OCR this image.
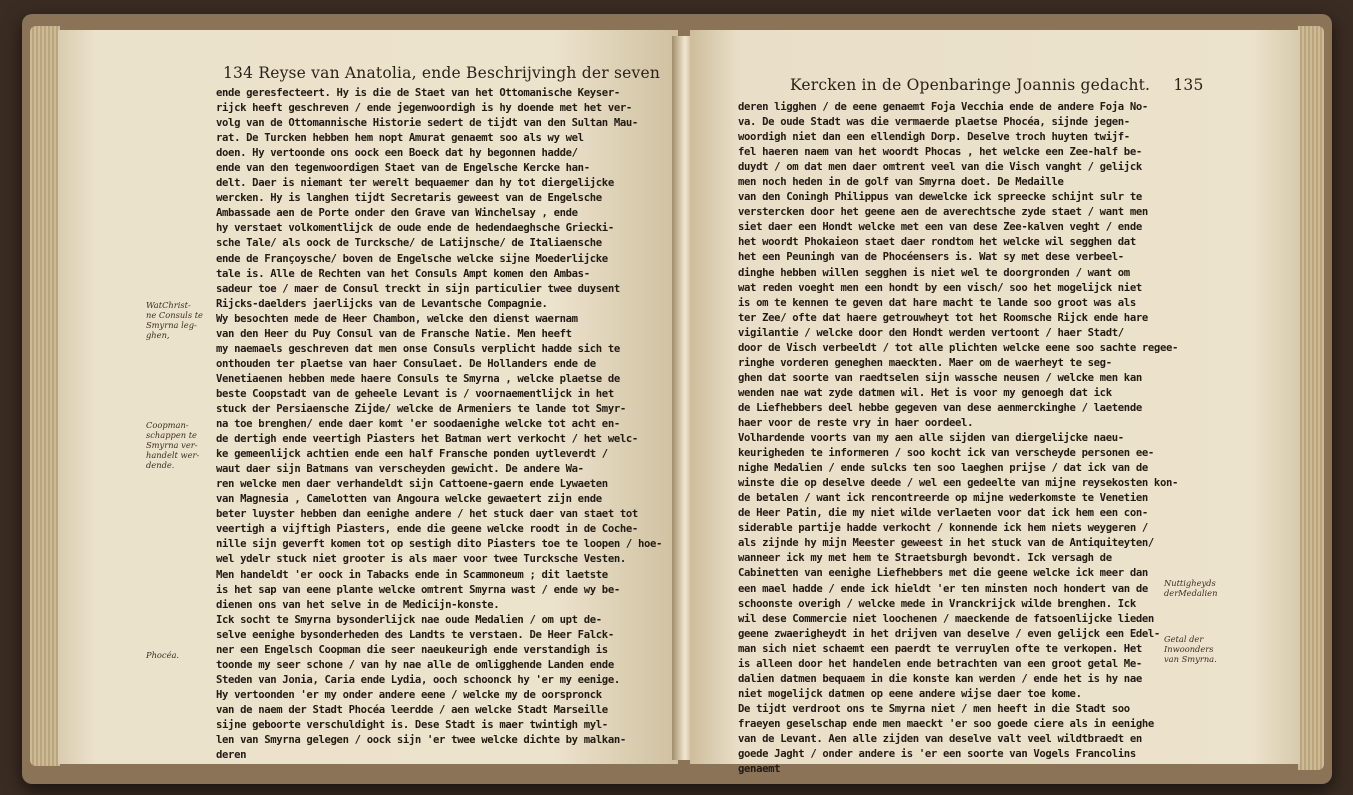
134 Reyse van Anatolia, ende Beschrijvingh der seven
ende geresfecteert. Hy is die de Staet van het Ottomanische Keyser-
rijck heeft geschreven / ende jegenwoordigh is hy doende met het ver-
volg van de Ottomannische Historie sedert de tijdt van den Sultan Mau-
rat. De Turcken hebben hem nopt Amurat genaemt soo als wy wel
doen. Hy vertoonde ons oock een Boeck dat hy begonnen hadde/
ende van den tegenwoordigen Staet van de Engelsche Kercke han-
delt. Daer is niemant ter werelt bequaemer dan hy tot diergelijcke
wercken. Hy is langhen tijdt Secretaris geweest van de Engelsche
Ambassade aen de Porte onder den Grave van Winchelsay , ende
hy verstaet volkomentlijck de oude ende de hedendaeghsche Griecki-
sche Tale/ als oock de Turcksche/ de Latijnsche/ de Italiaensche
ende de Françoysche/ boven de Engelsche welcke sijne Moederlijcke
tale is. Alle de Rechten van het Consuls Ampt komen den Ambas-
sadeur toe / maer de Consul treckt in sijn particulier twee duysent
Rijcks-daelders jaerlijcks van de Levantsche Compagnie.
Wy besochten mede de Heer Chambon, welcke den dienst waernam
van den Heer du Puy Consul van de Fransche Natie. Men heeft
my naemaels geschreven dat men onse Consuls verplicht hadde sich te
onthouden ter plaetse van haer Consulaet. De Hollanders ende de
Venetiaenen hebben mede haere Consuls te Smyrna , welcke plaetse de
beste Coopstadt van de geheele Levant is / voornaementlijck in het
stuck der Persiaensche Zijde/ welcke de Armeniers te lande tot Smyr-
na toe brenghen/ ende daer komt 'er soodaenighe welcke tot acht en-
de dertigh ende veertigh Piasters het Batman wert verkocht / het welc-
ke gemeenlijck achtien ende een half Fransche ponden uytleverdt /
waut daer sijn Batmans van verscheyden gewicht. De andere Wa-
ren welcke men daer verhandeldt sijn Cattoene-gaern ende Lywaeten
van Magnesia , Camelotten van Angoura welcke gewaetert zijn ende
beter luyster hebben dan eenighe andere / het stuck daer van staet tot
veertigh a vijftigh Piasters, ende die geene welcke roodt in de Coche-
nille sijn geverft komen tot op sestigh dito Piasters toe te loopen / hoe-
wel ydelr stuck niet grooter is als maer voor twee Turcksche Vesten.
Men handeldt 'er oock in Tabacks ende in Scammoneum ; dit laetste
is het sap van eene plante welcke omtrent Smyrna wast / ende wy be-
dienen ons van het selve in de Medicijn-konste.
Ick socht te Smyrna bysonderlijck nae oude Medalien / om upt de-
selve eenighe bysonderheden des Landts te verstaen. De Heer Falck-
ner een Engelsch Coopman die seer naeukeurigh ende verstandigh is
toonde my seer schone / van hy nae alle de omligghende Landen ende
Steden van Jonia, Caria ende Lydia, ooch schoonck hy 'er my eenige.
Hy vertoonden 'er my onder andere eene / welcke my de oorspronck
van de naem der Stadt Phocéa leerdde / aen welcke Stadt Marseille
sijne geboorte verschuldight is. Dese Stadt is maer twintigh myl-
len van Smyrna gelegen / oock sijn 'er twee welcke dichte by malkan-
deren
WatChrist-
ne Consuls te
Smyrna leg-
ghen,
Coopman-
schappen te
Smyrna ver-
handelt wer-
dende.
Phocéa.
Kercken in de Openbaringe Joannis gedacht. 135
deren ligghen / de eene genaemt Foja Vecchia ende de andere Foja No-
va. De oude Stadt was die vermaerde plaetse Phocéa, sijnde jegen-
woordigh niet dan een ellendigh Dorp. Deselve troch huyten twijf-
fel haeren naem van het woordt Phocas , het welcke een Zee-half be-
duydt / om dat men daer omtrent veel van die Visch vanght / gelijck
men noch heden in de golf van Smyrna doet. De Medaille
van den Coningh Philippus van dewelcke ick spreecke schijnt sulr te
verstercken door het geene aen de averechtsche zyde staet / want men
siet daer een Hondt welcke met een van dese Zee-kalven veght / ende
het woordt Phokaieon staet daer rondtom het welcke wil segghen dat
het een Peuningh van de Phocéensers is. Wat sy met dese verbeel-
dinghe hebben willen segghen is niet wel te doorgronden / want om
wat reden voeght men een hondt by een visch/ soo het mogelijck niet
is om te kennen te geven dat hare macht te lande soo groot was als
ter Zee/ ofte dat haere getrouwheyt tot het Roomsche Rijck ende hare
vigilantie / welcke door den Hondt werden vertoont / haer Stadt/
door de Visch verbeeldt / tot alle plichten welcke eene soo sachte regee-
ringhe vorderen geneghen maeckten. Maer om de waerheyt te seg-
ghen dat soorte van raedtselen sijn wassche neusen / welcke men kan
wenden nae wat zyde datmen wil. Het is voor my genoegh dat ick
de Liefhebbers deel hebbe gegeven van dese aenmerckinghe / laetende
haer voor de reste vry in haer oordeel.
Volhardende voorts van my aen alle sijden van diergelijcke naeu-
keurigheden te informeren / soo kocht ick van verscheyde personen ee-
nighe Medalien / ende sulcks ten soo laeghen prijse / dat ick van de
winste die op deselve deede / wel een gedeelte van mijne reysekosten kon-
de betalen / want ick rencontreerde op mijne wederkomste te Venetien
de Heer Patin, die my niet wilde verlaeten voor dat ick hem een con-
siderable partije hadde verkocht / konnende ick hem niets weygeren /
als zijnde hy mijn Meester geweest in het stuck van de Antiquiteyten/
wanneer ick my met hem te Straetsburgh bevondt. Ick versagh de
Cabinetten van eenighe Liefhebbers met die geene welcke ick meer dan
een mael hadde / ende ick hieldt 'er ten minsten noch hondert van de
schoonste overigh / welcke mede in Vranckrijck wilde brenghen. Ick
wil dese Commercie niet loochenen / maeckende de fatsoenlijcke lieden
geene zwaerigheydt in het drijven van deselve / even gelijck een Edel-
man sich niet schaemt een paerdt te verruylen ofte te verkopen. Het
is alleen door het handelen ende betrachten van een groot getal Me-
dalien datmen bequaem in die konste kan werden / ende het is hy nae
niet mogelijck datmen op eene andere wijse daer toe kome.
De tijdt verdroot ons te Smyrna niet / men heeft in die Stadt soo
fraeyen geselschap ende men maeckt 'er soo goede ciere als in eenighe
van de Levant. Aen alle zijden van deselve valt veel wildtbraedt en
goede Jaght / onder andere is 'er een soorte van Vogels Francolins
genaemt
Nuttigheyds
derMedalien
Getal der
Inwoonders
van Smyrna.
